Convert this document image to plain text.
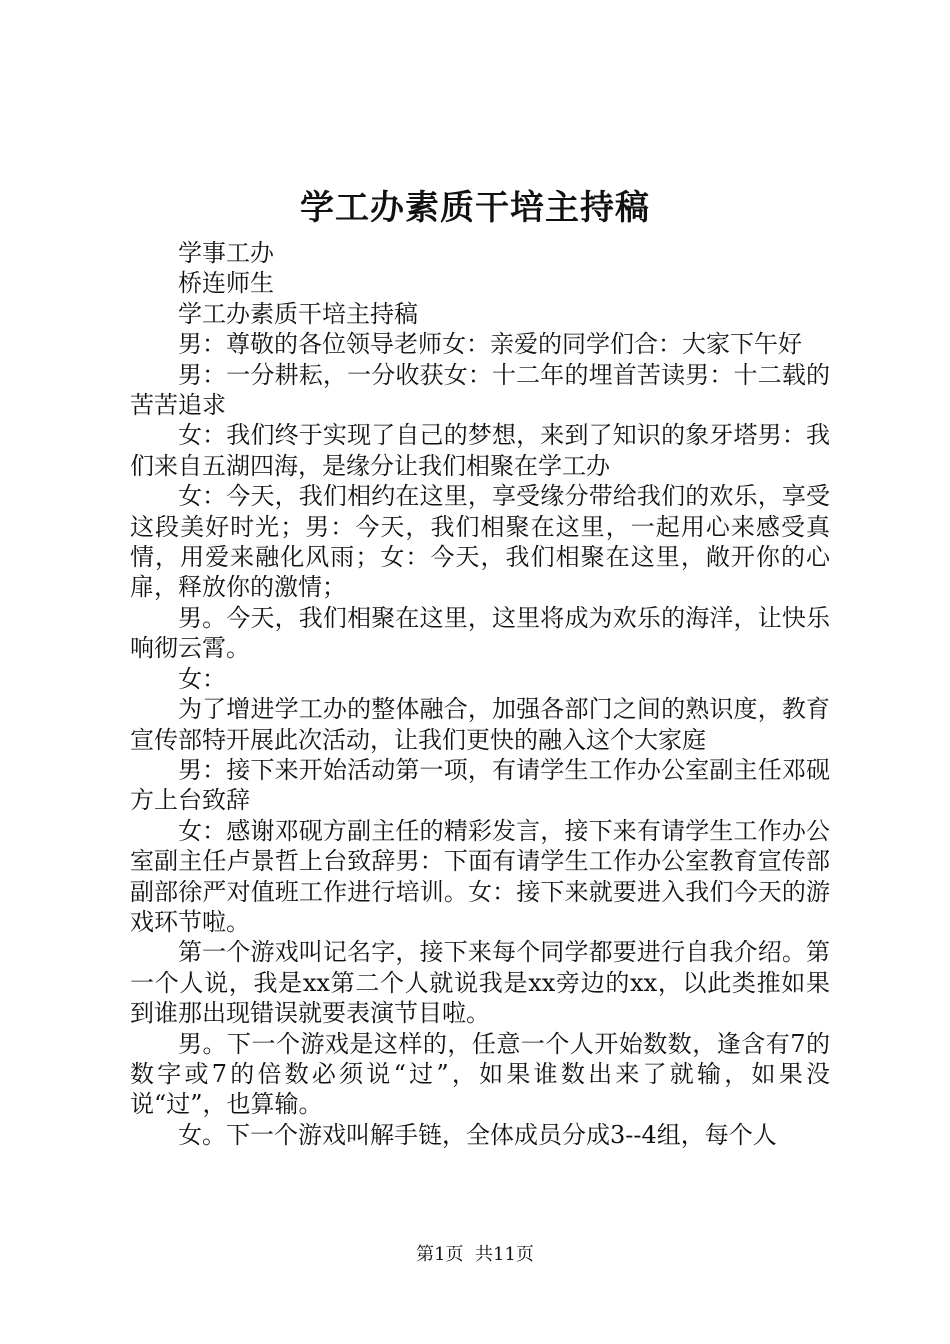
学工办素质干培主持稿

学事工办

桥连师生

学工办素质干培主持稿

男：尊敬的各位领导老师女：亲爱的同学们合：大家下午好

男：一分耕耘，一分收获女：十二年的埋首苦读男：十二载的苦苦追求

女：我们终于实现了自己的梦想，来到了知识的象牙塔男：我们来自五湖四海，是缘分让我们相聚在学工办

女：今天，我们相约在这里，享受缘分带给我们的欢乐，享受这段美好时光；男：今天，我们相聚在这里，一起用心来感受真情，用爱来融化风雨；女：今天，我们相聚在这里，敞开你的心扉，释放你的激情；

男。今天，我们相聚在这里，这里将成为欢乐的海洋，让快乐响彻云霄。

女：

为了增进学工办的整体融合，加强各部门之间的熟识度，教育宣传部特开展此次活动，让我们更快的融入这个大家庭

男：接下来开始活动第一项，有请学生工作办公室副主任邓砚方上台致辞

女：感谢邓砚方副主任的精彩发言，接下来有请学生工作办公室副主任卢景哲上台致辞男：下面有请学生工作办公室教育宣传部副部徐严对值班工作进行培训。女：接下来就要进入我们今天的游戏环节啦。

第一个游戏叫记名字，接下来每个同学都要进行自我介绍。第一个人说，我是xx第二个人就说我是xx旁边的xx，以此类推如果到谁那出现错误就要表演节目啦。

男。下一个游戏是这样的，任意一个人开始数数，逢含有7的数字或7的倍数必须说“过”，如果谁数出来了就输，如果没说“过”，也算输。

女。下一个游戏叫解手链，全体成员分成3--4组，每个人

第1页 共11页
